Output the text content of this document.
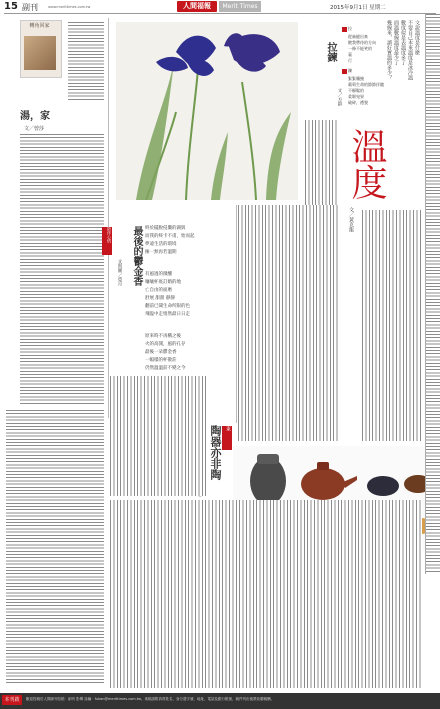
15 副刊	www.merittimes.com.tw	人間福報	Merit Times	2015年9月1日 星期二
轉角回家
湯，家
文／曾莎
拉鍊
文／方群
拉
從齒縫出來
鍍我帶待的方向
一條不能笑的
裏
行
鍊
緊緊纏繞
葡萄生命的節節伴隨
不願鬆的
柔韌宛果
破碎，禮貌
文說溫度是什麼
不要自己本來溫度是冰冷溫
數度似是表溫度多了
面溫數線溫度最少了
幾線來，讀好實溫的多少？
溫度
文／黃克龍
陪伴心情 最後的鬱金香
文與圖／覓月
終於擺脫侵襲的湖與
而我的終卡不甫，始而起
夢遠生活的環境
擁一無再若溫期
有風過的微醺
嚷嚷杯底訂婚的地
亡自由的面磨
舒展 甜甜 靜靜
翻前已聞生命所限的色
飛臨中走悄然最日日走
原來時不再構之後
火的高開，風的孔存
最後一朵鬱金香
一幅樣的杯散莊
仍然溫溫前不變之今
東
陶器亦非陶
本刊啟	歡迎投稿於人間副刊信箱：副刊 影傳 詩編：fukan@merittimes.com.tw。來稿請附真實姓名、身分證字號、地址、電話及銀行帳號，稿件刊出後將致贈稿酬。
